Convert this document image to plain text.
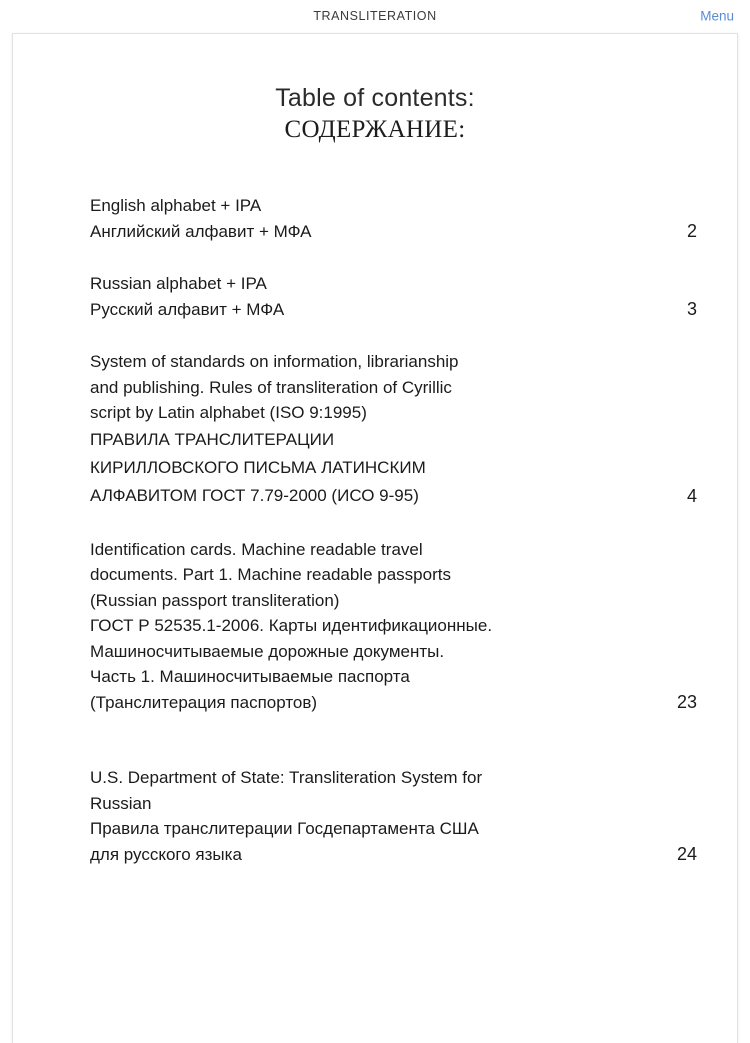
TRANSLITERATION	Menu
Table of contents:
СОДЕРЖАНИЕ:
English alphabet + IPA
Английский алфавит + МФА	2
Russian alphabet + IPA
Русский алфавит + МФА	3
System of standards on information, librarianship
and publishing. Rules of transliteration of Cyrillic
script by Latin alphabet (ISO 9:1995)
ПРАВИЛА ТРАНСЛИТЕРАЦИИ
КИРИЛЛОВСКОГО ПИСЬМА ЛАТИНСКИМ
АЛФАВИТОМ ГОСТ 7.79-2000 (ИСО 9-95)	4
Identification cards. Machine readable travel
documents. Part 1. Machine readable passports
(Russian passport transliteration)
ГОСТ Р 52535.1-2006. Карты идентификационные.
Машиносчитываемые дорожные документы.
Часть 1. Машиносчитываемые паспорта
(Транслитерация паспортов)	23
U.S. Department of State: Transliteration System for
Russian
Правила транслитерации Госдепартамента США
для русского языка	24
